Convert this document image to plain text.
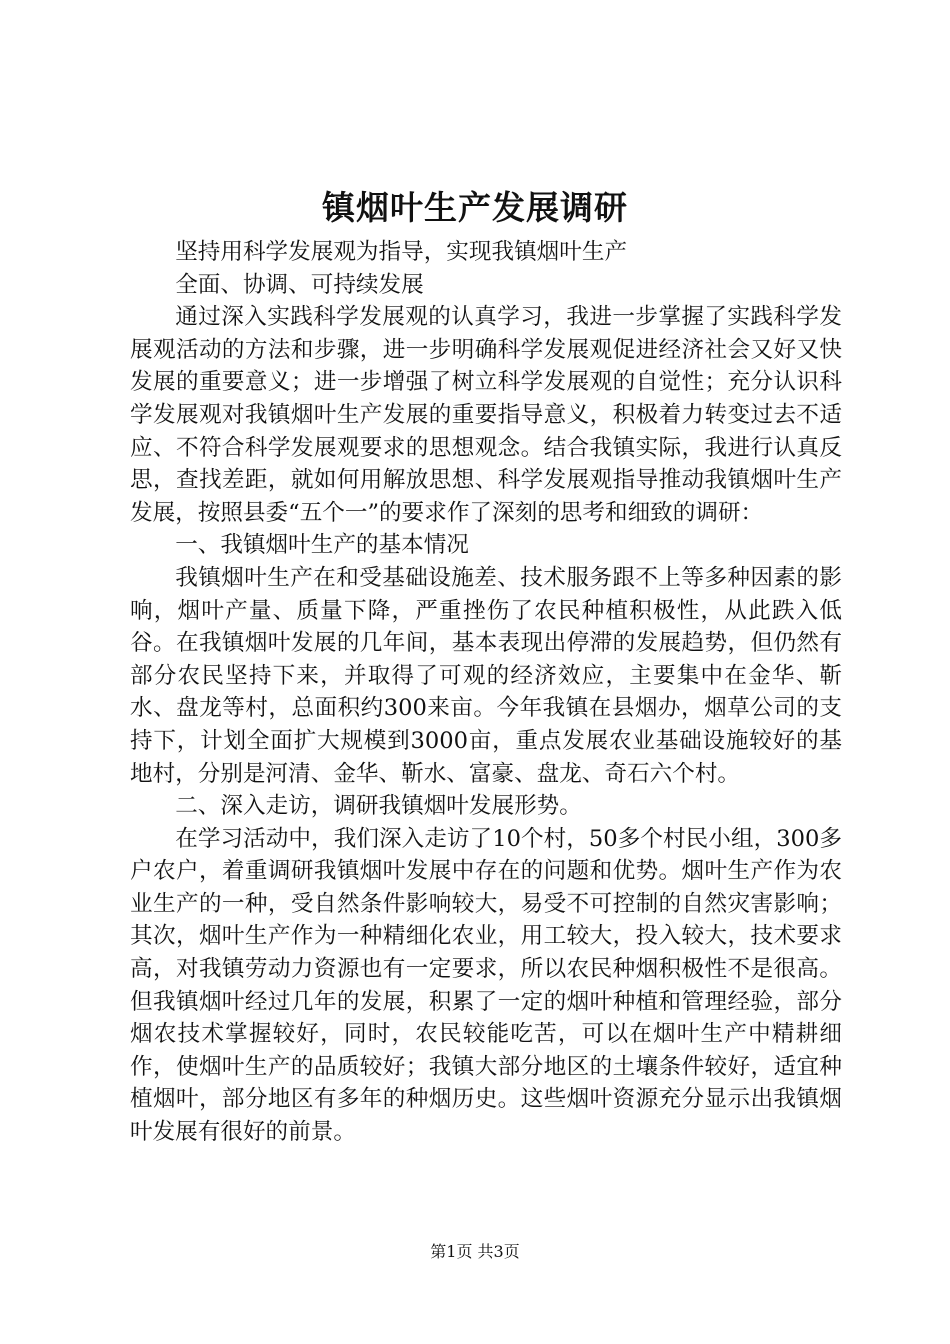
镇烟叶生产发展调研

坚持用科学发展观为指导，实现我镇烟叶生产

全面、协调、可持续发展

通过深入实践科学发展观的认真学习，我进一步掌握了实践科学发展观活动的方法和步骤，进一步明确科学发展观促进经济社会又好又快发展的重要意义；进一步增强了树立科学发展观的自觉性；充分认识科学发展观对我镇烟叶生产发展的重要指导意义，积极着力转变过去不适应、不符合科学发展观要求的思想观念。结合我镇实际，我进行认真反思，查找差距，就如何用解放思想、科学发展观指导推动我镇烟叶生产发展，按照县委“五个一”的要求作了深刻的思考和细致的调研：

一、我镇烟叶生产的基本情况

我镇烟叶生产在和受基础设施差、技术服务跟不上等多种因素的影响，烟叶产量、质量下降，严重挫伤了农民种植积极性，从此跌入低谷。在我镇烟叶发展的几年间，基本表现出停滞的发展趋势，但仍然有部分农民坚持下来，并取得了可观的经济效应，主要集中在金华、靳水、盘龙等村，总面积约300来亩。今年我镇在县烟办，烟草公司的支持下，计划全面扩大规模到3000亩，重点发展农业基础设施较好的基地村，分别是河清、金华、靳水、富豪、盘龙、奇石六个村。

二、深入走访，调研我镇烟叶发展形势。

在学习活动中，我们深入走访了10个村，50多个村民小组，300多户农户，着重调研我镇烟叶发展中存在的问题和优势。烟叶生产作为农业生产的一种，受自然条件影响较大，易受不可控制的自然灾害影响；其次，烟叶生产作为一种精细化农业，用工较大，投入较大，技术要求高，对我镇劳动力资源也有一定要求，所以农民种烟积极性不是很高。但我镇烟叶经过几年的发展，积累了一定的烟叶种植和管理经验，部分烟农技术掌握较好，同时，农民较能吃苦，可以在烟叶生产中精耕细作，使烟叶生产的品质较好；我镇大部分地区的土壤条件较好，适宜种植烟叶，部分地区有多年的种烟历史。这些烟叶资源充分显示出我镇烟叶发展有很好的前景。

第1页 共3页
